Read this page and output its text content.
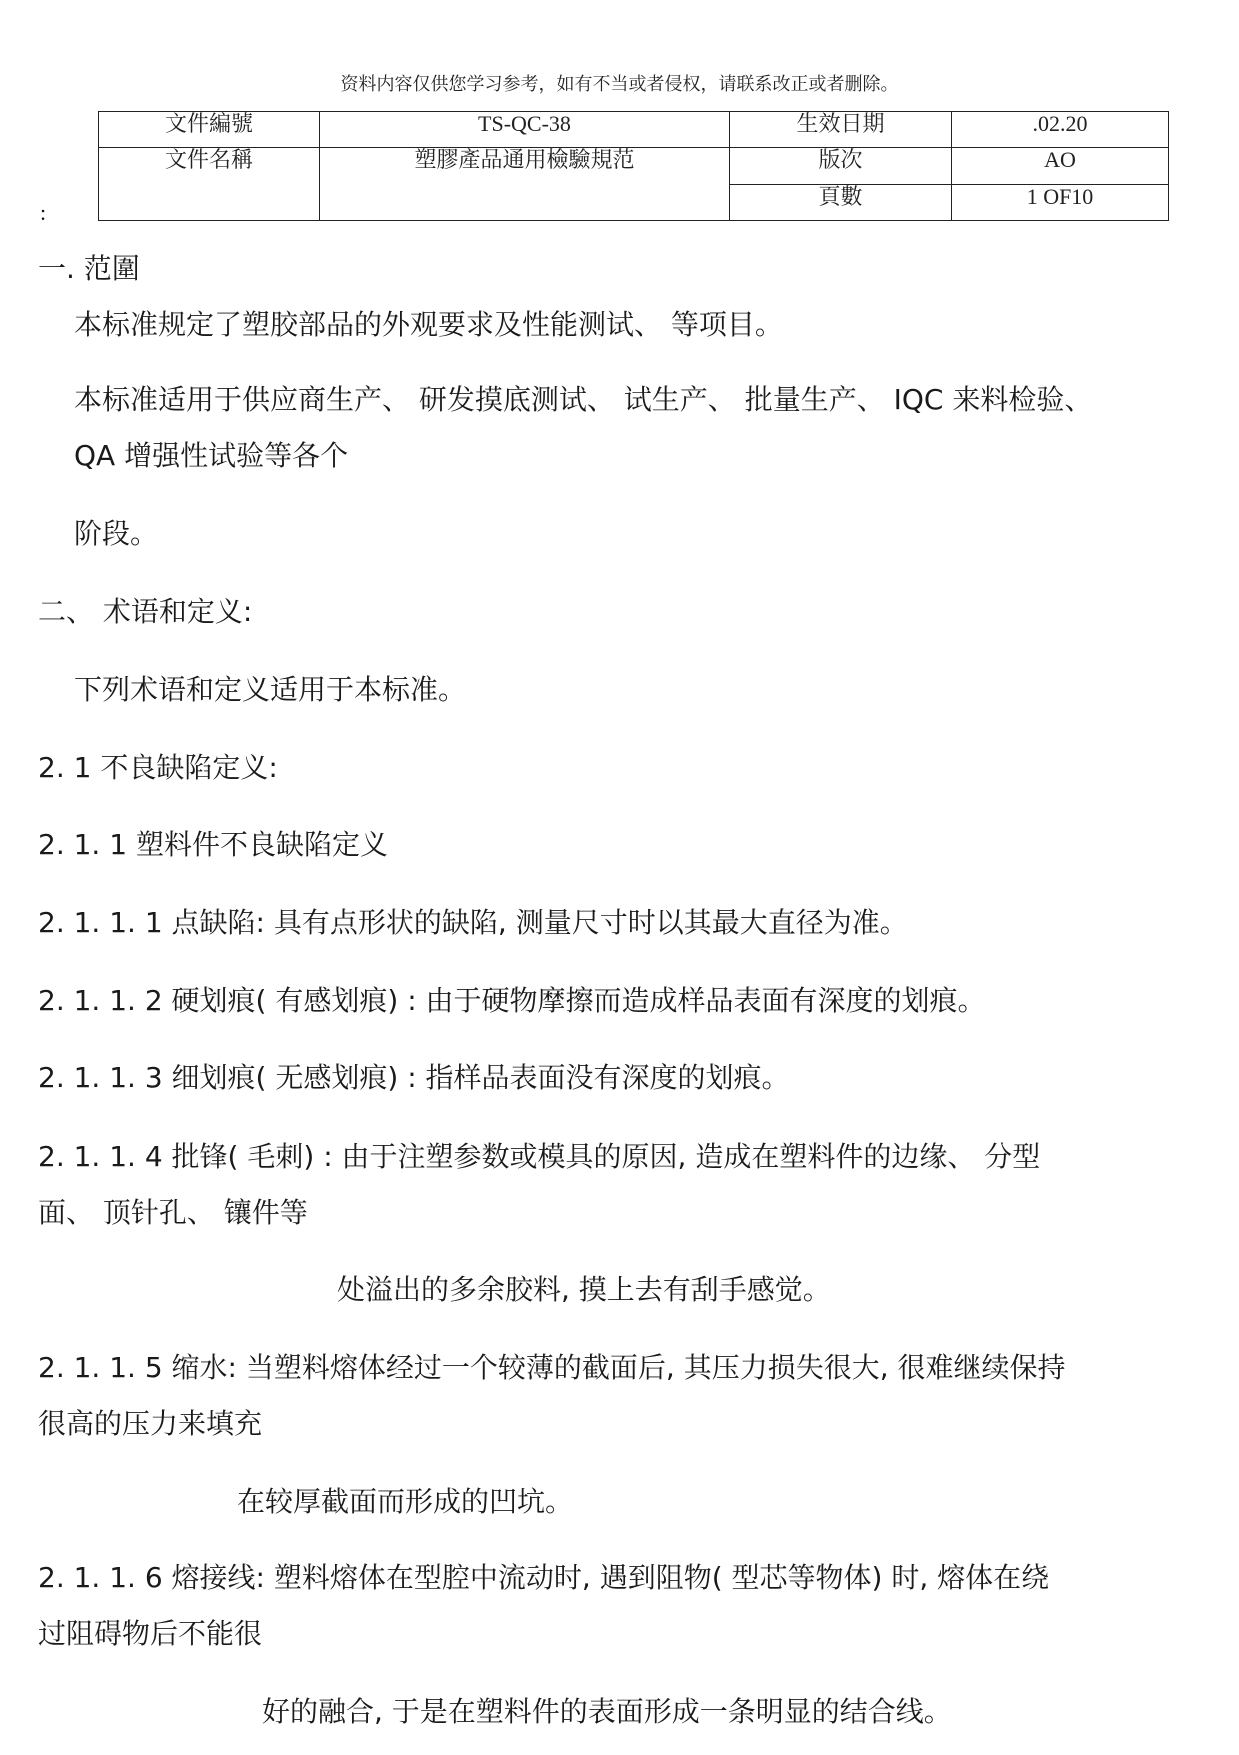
资料内容仅供您学习参考，如有不当或者侵权，请联系改正或者删除。
文件編號	TS-QC-38	生效日期	.02.20
文件名稱	塑膠產品通用檢驗規范	版次	AO
		頁數	1 OF10
:
一. 范圍
本标准规定了塑胶部品的外观要求及性能测试、 等项目。
本标准适用于供应商生产、 研发摸底测试、 试生产、 批量生产、 IQC 来料检验、
QA 增强性试验等各个
阶段。
二、 术语和定义:
下列术语和定义适用于本标准。
2. 1 不良缺陷定义:
2. 1. 1 塑料件不良缺陷定义
2. 1. 1. 1 点缺陷: 具有点形状的缺陷, 测量尺寸时以其最大直径为准。
2. 1. 1. 2 硬划痕( 有感划痕) : 由于硬物摩擦而造成样品表面有深度的划痕。
2. 1. 1. 3 细划痕( 无感划痕) : 指样品表面没有深度的划痕。
2. 1. 1. 4 批锋( 毛刺) : 由于注塑参数或模具的原因, 造成在塑料件的边缘、 分型
面、 顶针孔、 镶件等
处溢出的多余胶料, 摸上去有刮手感觉。
2. 1. 1. 5 缩水: 当塑料熔体经过一个较薄的截面后, 其压力损失很大, 很难继续保持
很高的压力来填充
在较厚截面而形成的凹坑。
2. 1. 1. 6 熔接线: 塑料熔体在型腔中流动时, 遇到阻物( 型芯等物体) 时, 熔体在绕
过阻碍物后不能很
好的融合, 于是在塑料件的表面形成一条明显的结合线。
